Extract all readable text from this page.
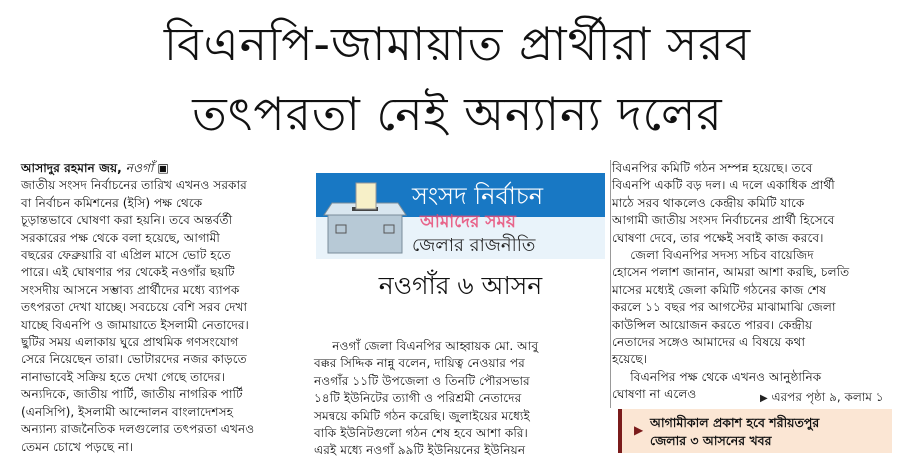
বিএনপি-জামায়াত প্রার্থীরা সরব
তৎপরতা নেই অন্যান্য দলের

আসাদুর রহমান জয়, নওগাঁ ▣

জাতীয় সংসদ নির্বাচনের তারিখ এখনও সরকার

বা নির্বাচন কমিশনের (ইসি) পক্ষ থেকে

চূড়ান্তভাবে ঘোষণা করা হয়নি। তবে অন্তর্বর্তী

সরকারের পক্ষ থেকে বলা হয়েছে, আগামী

বছরের ফেব্রুয়ারি বা এপ্রিল মাসে ভোট হতে

পারে। এই ঘোষণার পর থেকেই নওগাঁর ছয়টি

সংসদীয় আসনে সম্ভাব্য প্রার্থীদের মধ্যে ব্যাপক

তৎপরতা দেখা যাচ্ছে। সবচেয়ে বেশি সরব দেখা

যাচ্ছে বিএনপি ও জামায়াতে ইসলামী নেতাদের।

ছুটির সময় এলাকায় ঘুরে প্রাথমিক গণসংযোগ

সেরে নিয়েছেন তারা। ভোটারদের নজর কাড়তে

নানাভাবেই সক্রিয় হতে দেখা গেছে তাদের।

অন্যদিকে, জাতীয় পার্টি, জাতীয় নাগরিক পার্টি

(এনসিপি), ইসলামী আন্দোলন বাংলাদেশসহ

অন্যান্য রাজনৈতিক দলগুলোর তৎপরতা এখনও

তেমন চোখে পড়ছে না।

সংসদ নির্বাচন
আমাদের সময়
জেলার রাজনীতি
নওগাঁর ৬ আসন

নওগাঁ জেলা বিএনপির আহ্বায়ক মো. আবু

বক্কর সিদ্দিক নান্নু বলেন, দায়িত্ব নেওয়ার পর

নওগাঁর ১১টি উপজেলা ও তিনটি পৌরসভার

১৪টি ইউনিটের ত্যাগী ও পরিশ্রমী নেতাদের

সমন্বয়ে কমিটি গঠন করেছি। জুলাইয়ের মধ্যেই

বাকি ইউনিটগুলো গঠন শেষ হবে আশা করি।

এরই মধ্যে নওগাঁ ৯৯টি ইউনিয়নের ইউনিয়ন

বিএনপির কমিটি গঠন সম্পন্ন হয়েছে। তবে

বিএনপি একটি বড় দল। এ দলে একাধিক প্রার্থী

মাঠে সরব থাকলেও কেন্দ্রীয় কমিটি যাকে

আগামী জাতীয় সংসদ নির্বাচনের প্রার্থী হিসেবে

ঘোষণা দেবে, তার পক্ষেই সবাই কাজ করবে।

জেলা বিএনপির সদস্য সচিব বায়েজিদ

হোসেন পলাশ জানান, আমরা আশা করছি, চলতি

মাসের মধ্যেই জেলা কমিটি গঠনের কাজ শেষ

করলে ১১ বছর পর আগস্টের মাঝামাঝি জেলা

কাউন্সিল আয়োজন করতে পারব। কেন্দ্রীয়

নেতাদের সঙ্গেও আমাদের এ বিষয়ে কথা

হয়েছে।

বিএনপির পক্ষ থেকে এখনও আনুষ্ঠানিক

ঘোষণা না এলেও	▶ এরপর পৃষ্ঠা ৯, কলাম ১
▶ আগামীকাল প্রকাশ হবে শরীয়তপুর
জেলার ৩ আসনের খবর
